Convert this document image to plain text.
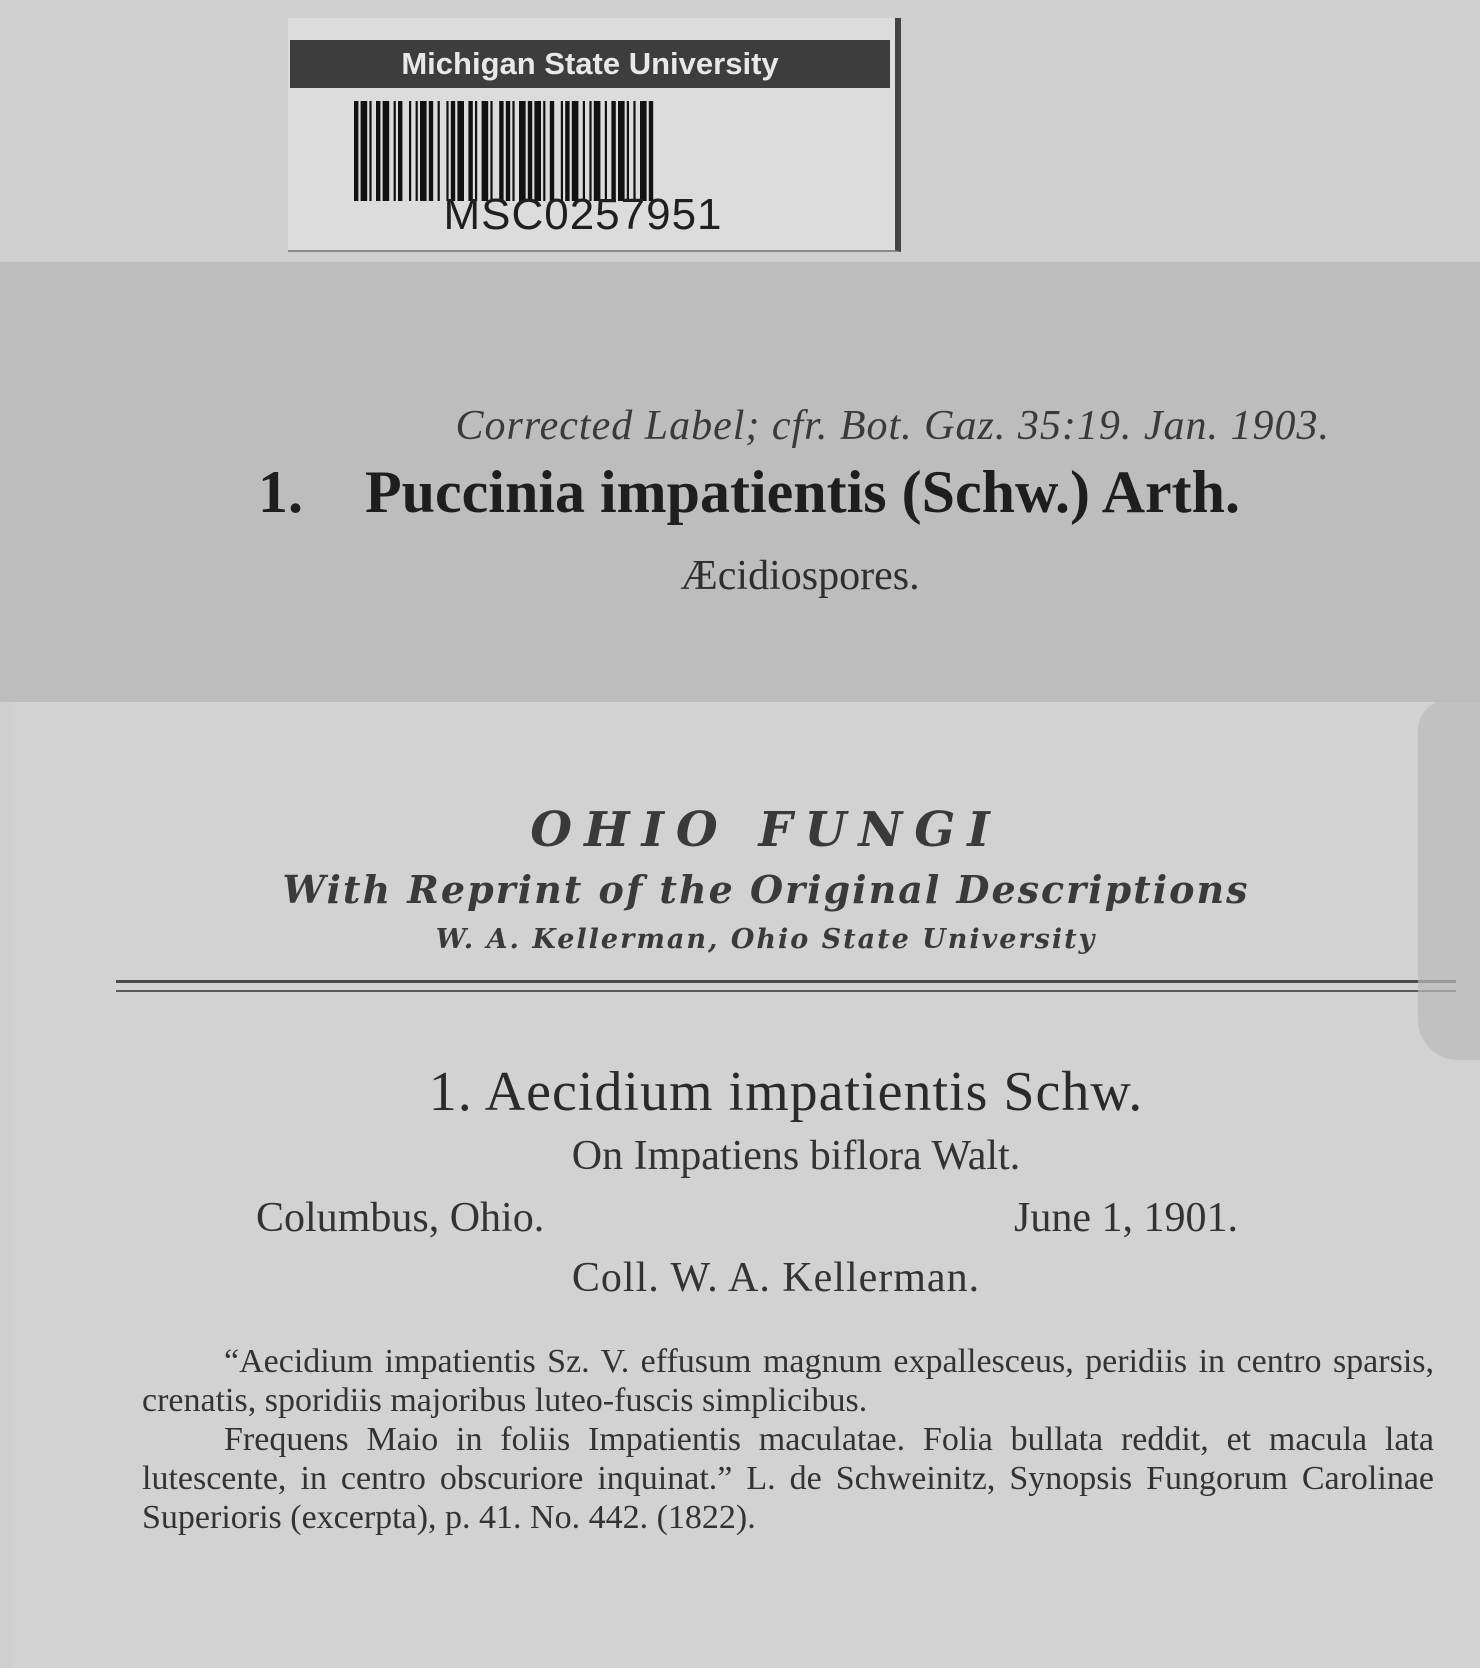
Michigan State University
MSC0257951
Corrected Label; cfr. Bot. Gaz. 35:19. Jan. 1903.
1. Puccinia impatientis (Schw.) Arth.
Æcidiospores.
OHIO FUNGI
With Reprint of the Original Descriptions
W. A. Kellerman, Ohio State University
1. Aecidium impatientis Schw.
On Impatiens biflora Walt.
Columbus, Ohio.	June 1, 1901.
Coll. W. A. Kellerman.

“Aecidium impatientis Sz. V. effusum magnum expallesceus, peridiis in centro sparsis, crenatis, sporidiis majoribus luteo-fuscis simplicibus.

Frequens Maio in foliis Impatientis maculatae. Folia bullata reddit, et macula lata lutescente, in centro obscuriore inquinat.” L. de Schweinitz, Synopsis Fungorum Carolinae Superioris (excerpta), p. 41. No. 442. (1822).
